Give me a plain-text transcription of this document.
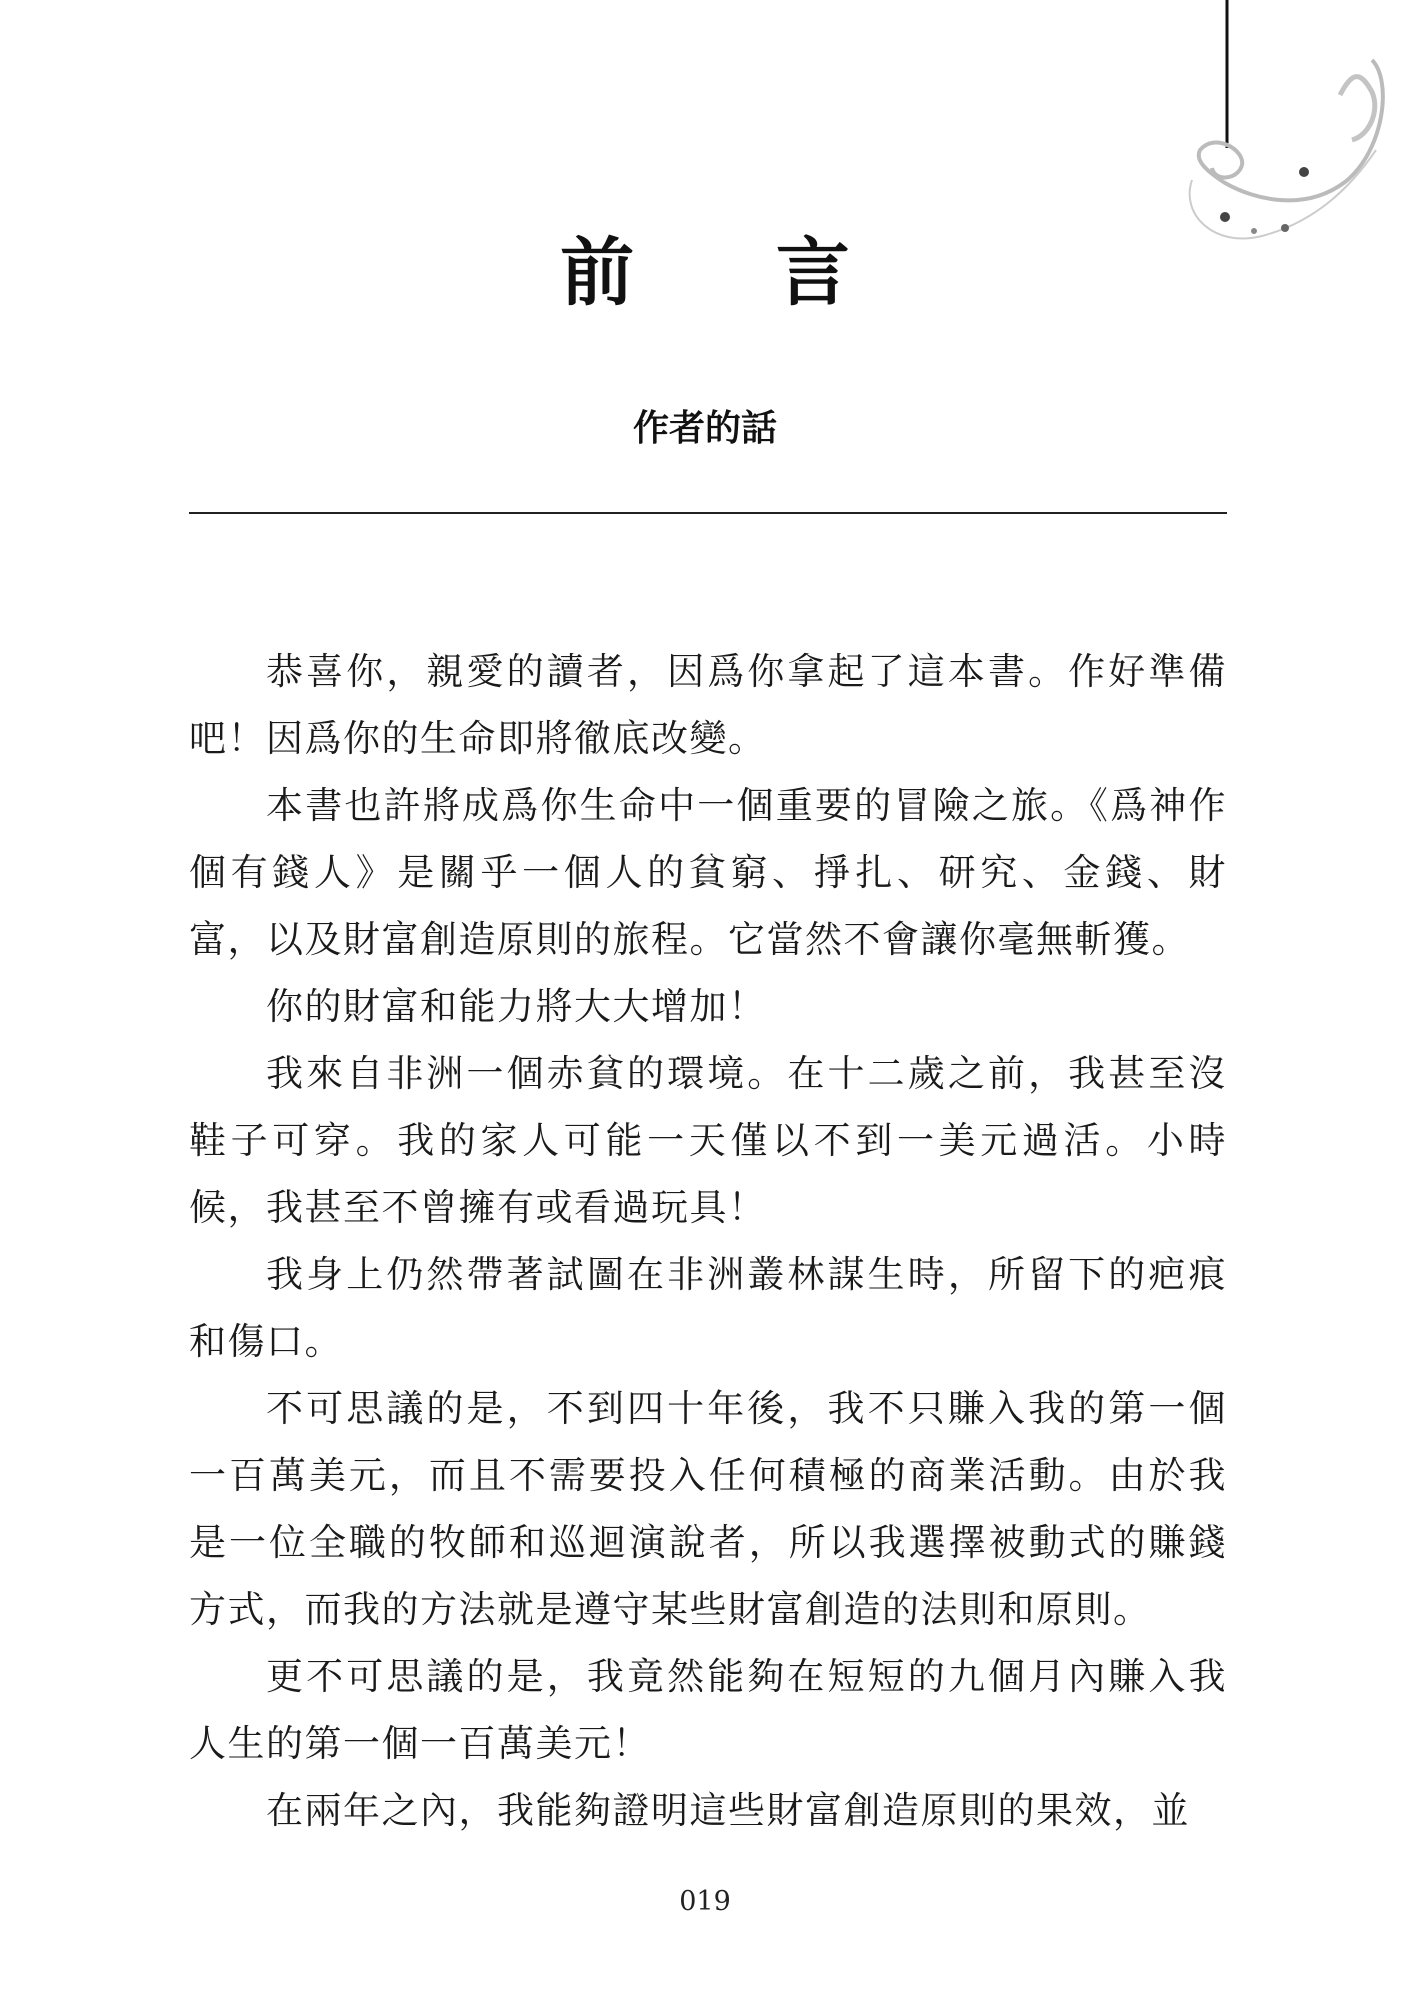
前 言
作者的話

恭喜你，親愛的讀者，因爲你拿起了這本書。作好準備吧！因爲你的生命即將徹底改變。

本書也許將成爲你生命中一個重要的冒險之旅。《爲神作個有錢人》是關乎一個人的貧窮、掙扎、研究、金錢、財富，以及財富創造原則的旅程。它當然不會讓你毫無斬獲。

你的財富和能力將大大增加！

我來自非洲一個赤貧的環境。在十二歲之前，我甚至沒鞋子可穿。我的家人可能一天僅以不到一美元過活。小時候，我甚至不曾擁有或看過玩具！

我身上仍然帶著試圖在非洲叢林謀生時，所留下的疤痕和傷口。

不可思議的是，不到四十年後，我不只賺入我的第一個一百萬美元，而且不需要投入任何積極的商業活動。由於我是一位全職的牧師和巡迴演說者，所以我選擇被動式的賺錢方式，而我的方法就是遵守某些財富創造的法則和原則。

更不可思議的是，我竟然能夠在短短的九個月內賺入我人生的第一個一百萬美元！

在兩年之內，我能夠證明這些財富創造原則的果效，並

019
